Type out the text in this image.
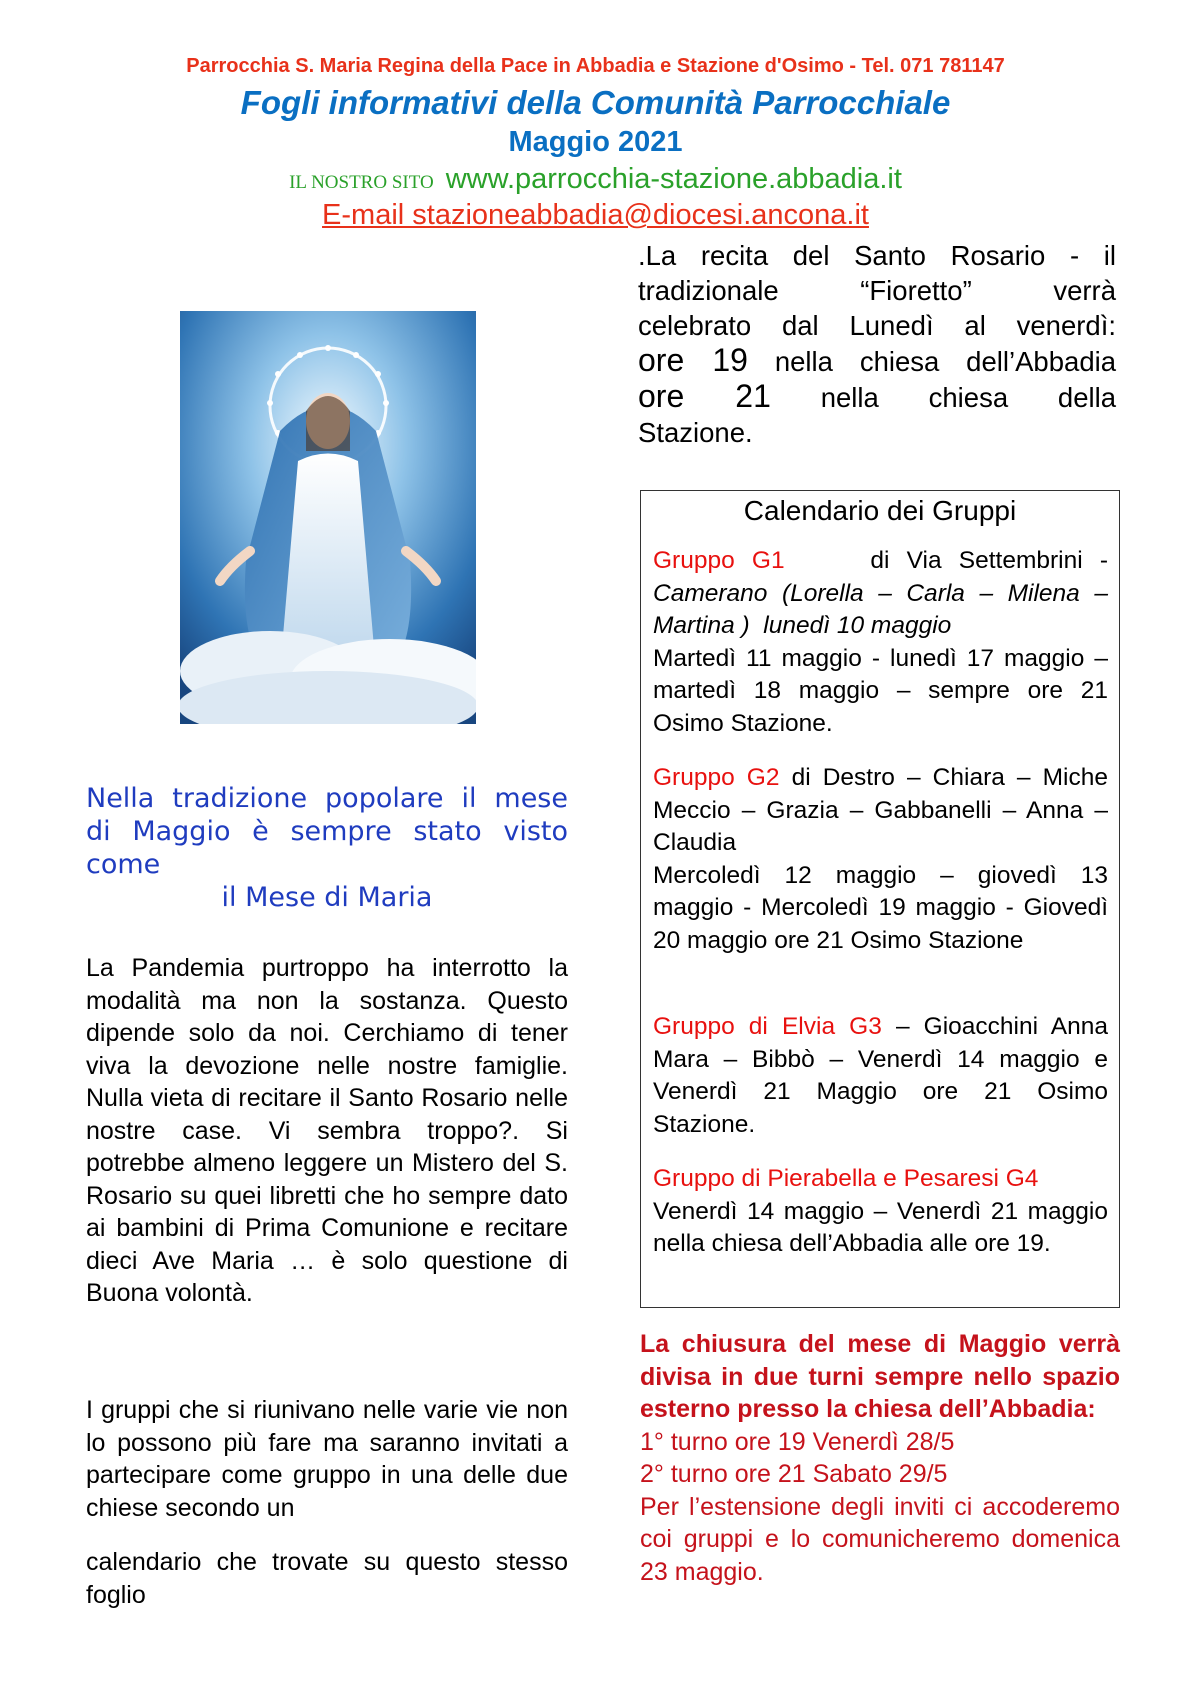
Parrocchia S. Maria Regina della Pace in Abbadia e Stazione d'Osimo - Tel. 071 781147
Fogli informativi della Comunità Parrocchiale
Maggio 2021
IL NOSTRO SITO www.parrocchia-stazione.abbadia.it
E-mail stazioneabbadia@diocesi.ancona.it
.La recita del Santo Rosario - il
tradizionale “Fioretto” verrà
celebrato dal Lunedì al venerdì:
ore 19 nella chiesa dell’Abbadia
ore 21 nella chiesa della
Stazione.
Nella tradizione popolare il mese
di Maggio è sempre stato visto
come
il Mese di Maria
La Pandemia purtroppo ha interrotto la modalità ma non la sostanza. Questo dipende solo da noi. Cerchiamo di tener viva la devozione nelle nostre famiglie. Nulla vieta di recitare il Santo Rosario nelle nostre case. Vi sembra troppo?. Si potrebbe almeno leggere un Mistero del S. Rosario su quei libretti che ho sempre dato ai bambini di Prima Comunione e recitare dieci Ave Maria … è solo questione di Buona volontà.
I gruppi che si riunivano nelle varie vie non lo possono più fare ma saranno invitati a partecipare come gruppo in una delle due chiese secondo un
calendario che trovate su questo stesso foglio
Calendario dei Gruppi
Gruppo G1	di Via Settembrini - Camerano (Lorella – Carla – Milena – Martina ) lunedì 10 maggio
Martedì 11 maggio - lunedì 17 maggio – martedì 18 maggio – sempre ore 21 Osimo Stazione.
Gruppo G2 di Destro – Chiara – Miche Meccio – Grazia – Gabbanelli – Anna – Claudia
Mercoledì 12 maggio – giovedì 13 maggio - Mercoledì 19 maggio - Giovedì 20 maggio ore 21 Osimo Stazione
Gruppo di Elvia G3 – Gioacchini Anna Mara – Bibbò – Venerdì 14 maggio e Venerdì 21 Maggio ore 21 Osimo Stazione.
Gruppo di Pierabella e Pesaresi G4
Venerdì 14 maggio – Venerdì 21 maggio nella chiesa dell’Abbadia alle ore 19.
La chiusura del mese di Maggio verrà divisa in due turni sempre nello spazio esterno presso la chiesa dell’Abbadia:
1° turno ore 19 Venerdì 28/5
2° turno ore 21 Sabato 29/5
Per l’estensione degli inviti ci accoderemo coi gruppi e lo comunicheremo domenica 23 maggio.
